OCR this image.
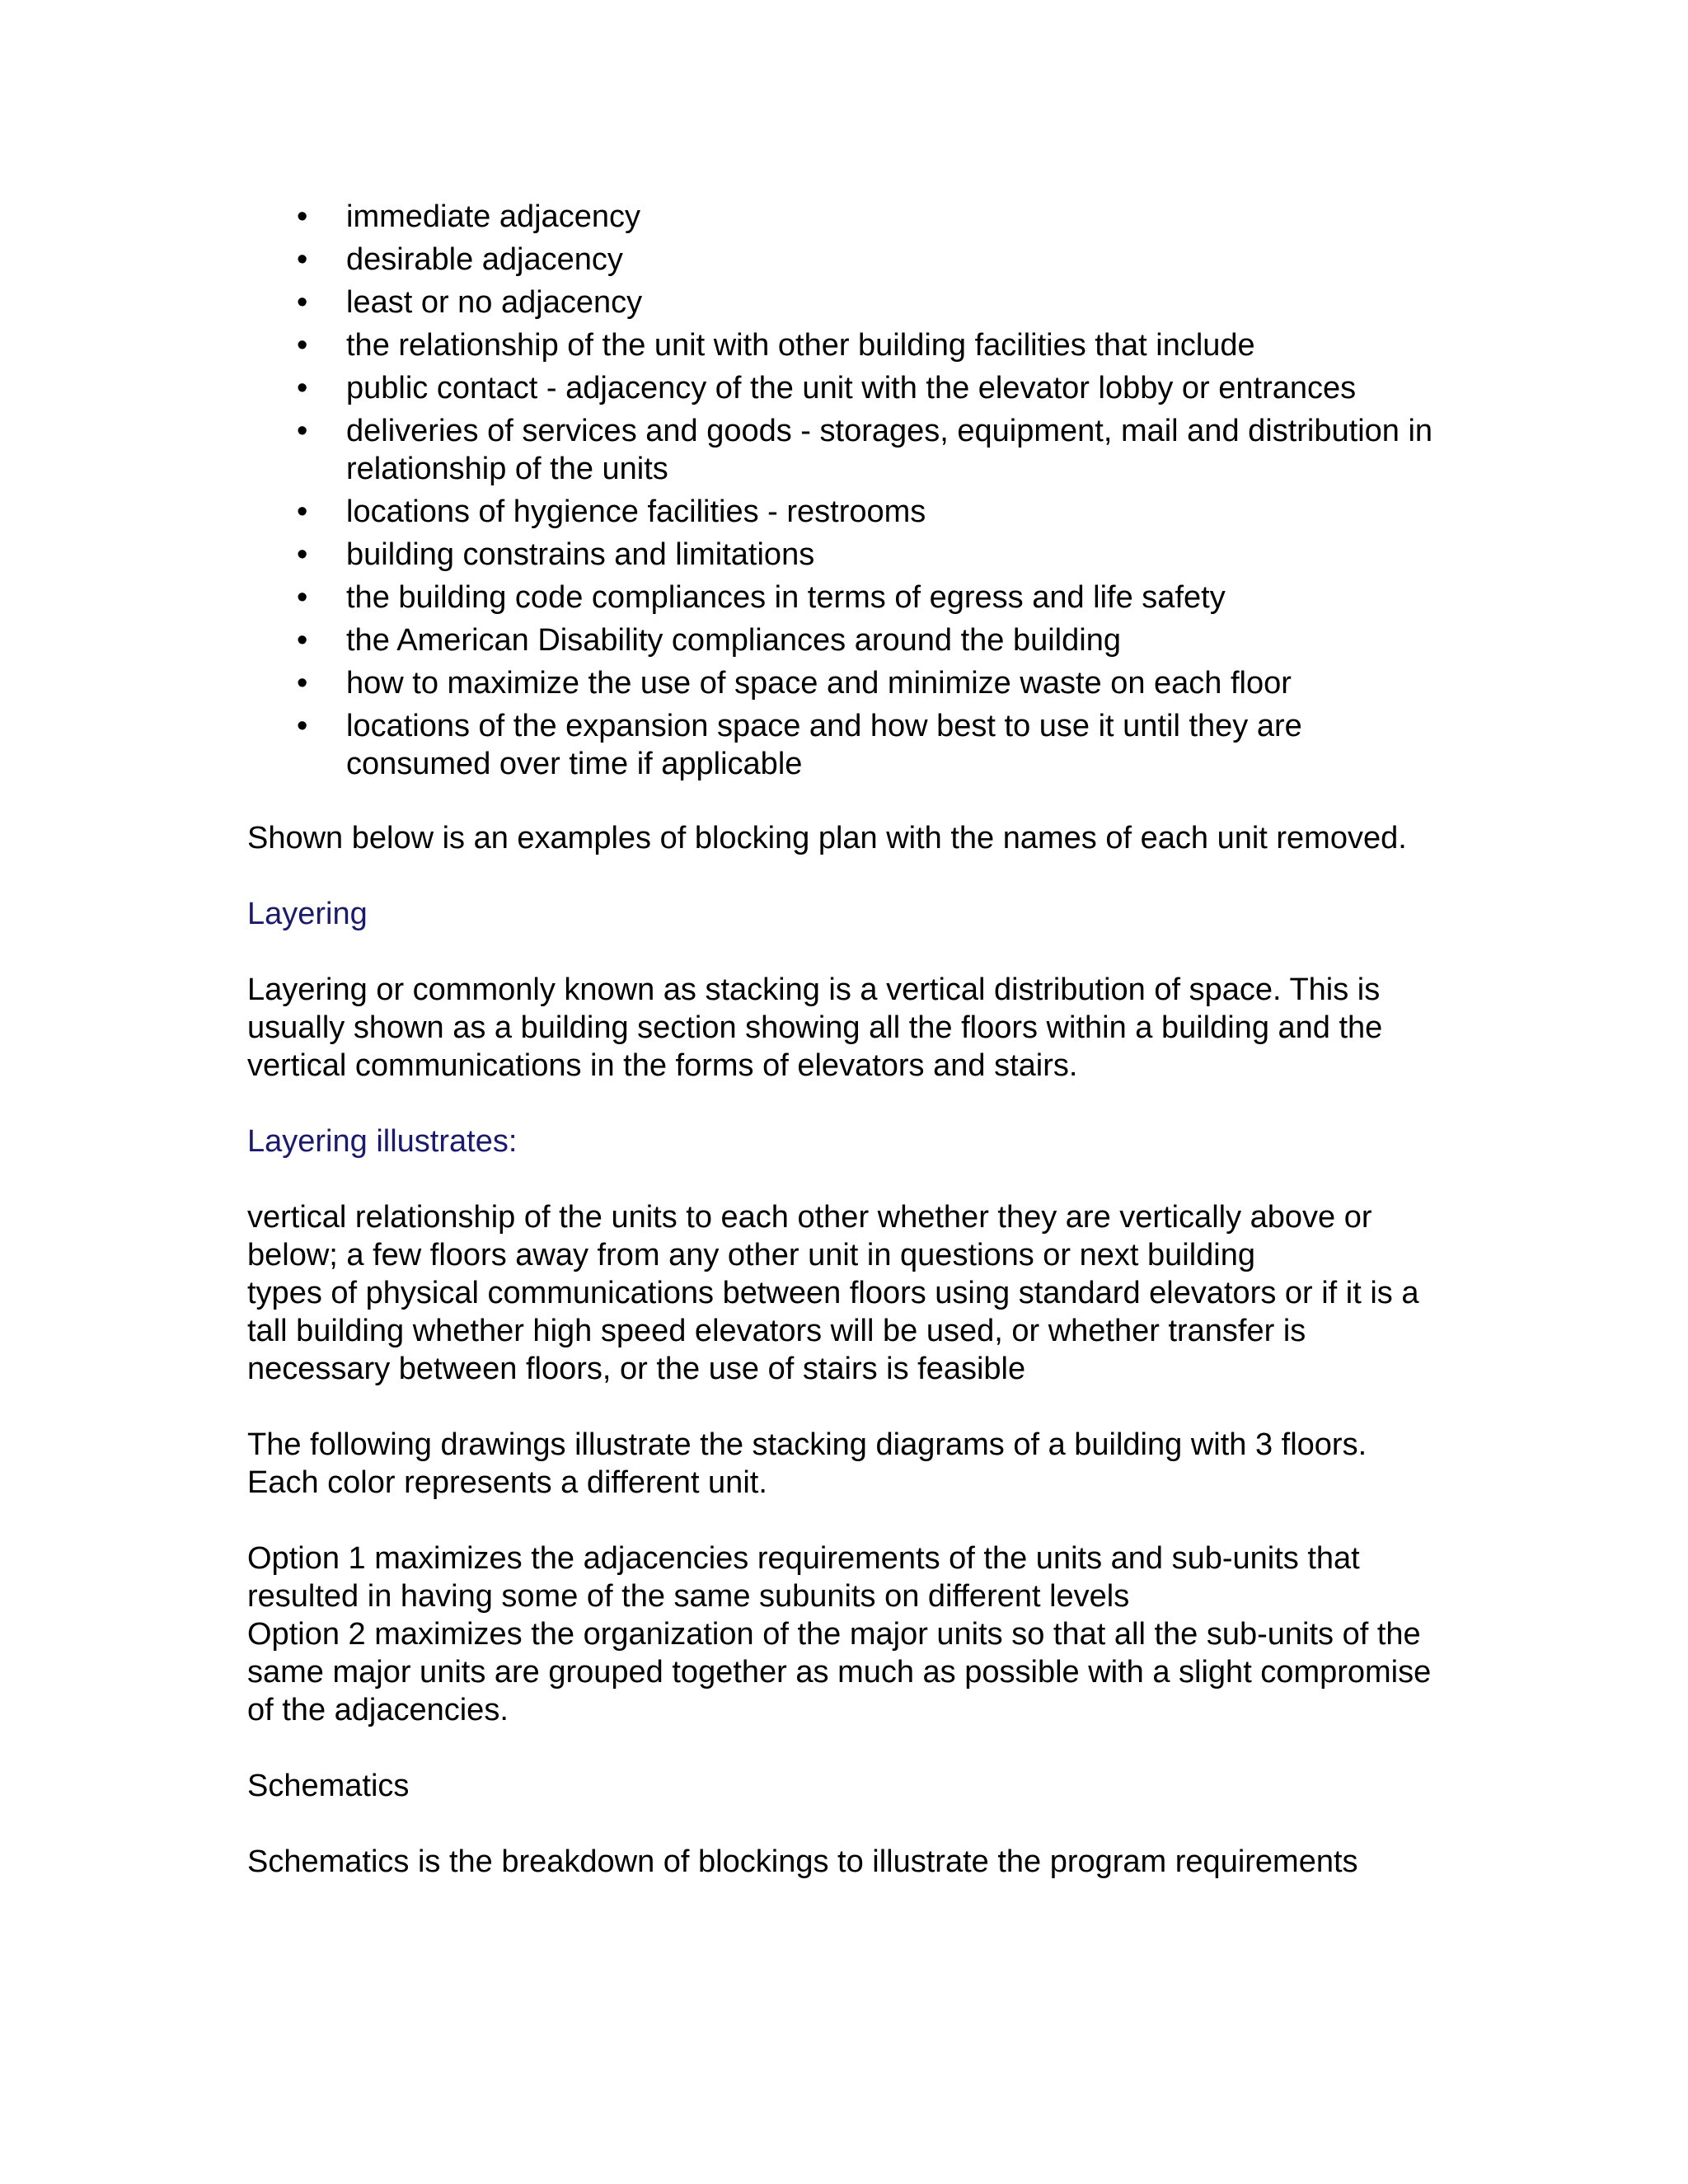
• immediate adjacency
• desirable adjacency
• least or no adjacency
• the relationship of the unit with other building facilities that include
• public contact - adjacency of the unit with the elevator lobby or entrances
• deliveries of services and goods - storages, equipment, mail and distribution in relationship of the units
• locations of hygience facilities - restrooms
• building constrains and limitations
• the building code compliances in terms of egress and life safety
• the American Disability compliances around the building
• how to maximize the use of space and minimize waste on each floor
• locations of the expansion space and how best to use it until they are consumed over time if applicable

Shown below is an examples of blocking plan with the names of each unit removed.

Layering

Layering or commonly known as stacking is a vertical distribution of space. This is usually shown as a building section showing all the floors within a building and the vertical communications in the forms of elevators and stairs.

Layering illustrates:

vertical relationship of the units to each other whether they are vertically above or below; a few floors away from any other unit in questions or next building

types of physical communications between floors using standard elevators or if it is a tall building whether high speed elevators will be used, or whether transfer is necessary between floors, or the use of stairs is feasible

The following drawings illustrate the stacking diagrams of a building with 3 floors. Each color represents a different unit.

Option 1 maximizes the adjacencies requirements of the units and sub-units that resulted in having some of the same subunits on different levels

Option 2 maximizes the organization of the major units so that all the sub-units of the same major units are grouped together as much as possible with a slight compromise of the adjacencies.

Schematics

Schematics is the breakdown of blockings to illustrate the program requirements
